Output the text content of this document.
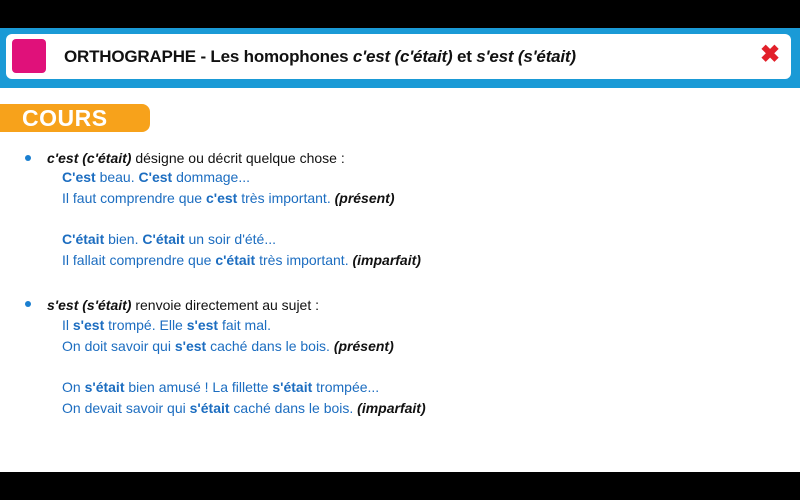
ORTHOGRAPHE - Les homophones c'est (c'était) et s'est (s'était)	✖
COURS
c'est (c'était) désigne ou décrit quelque chose :
C'est beau. C'est dommage...
Il faut comprendre que c'est très important. (présent)
C'était bien. C'était un soir d'été...
Il fallait comprendre que c'était très important. (imparfait)
s'est (s'était) renvoie directement au sujet :
Il s'est trompé. Elle s'est fait mal.
On doit savoir qui s'est caché dans le bois. (présent)
On s'était bien amusé ! La fillette s'était trompée...
On devait savoir qui s'était caché dans le bois. (imparfait)
